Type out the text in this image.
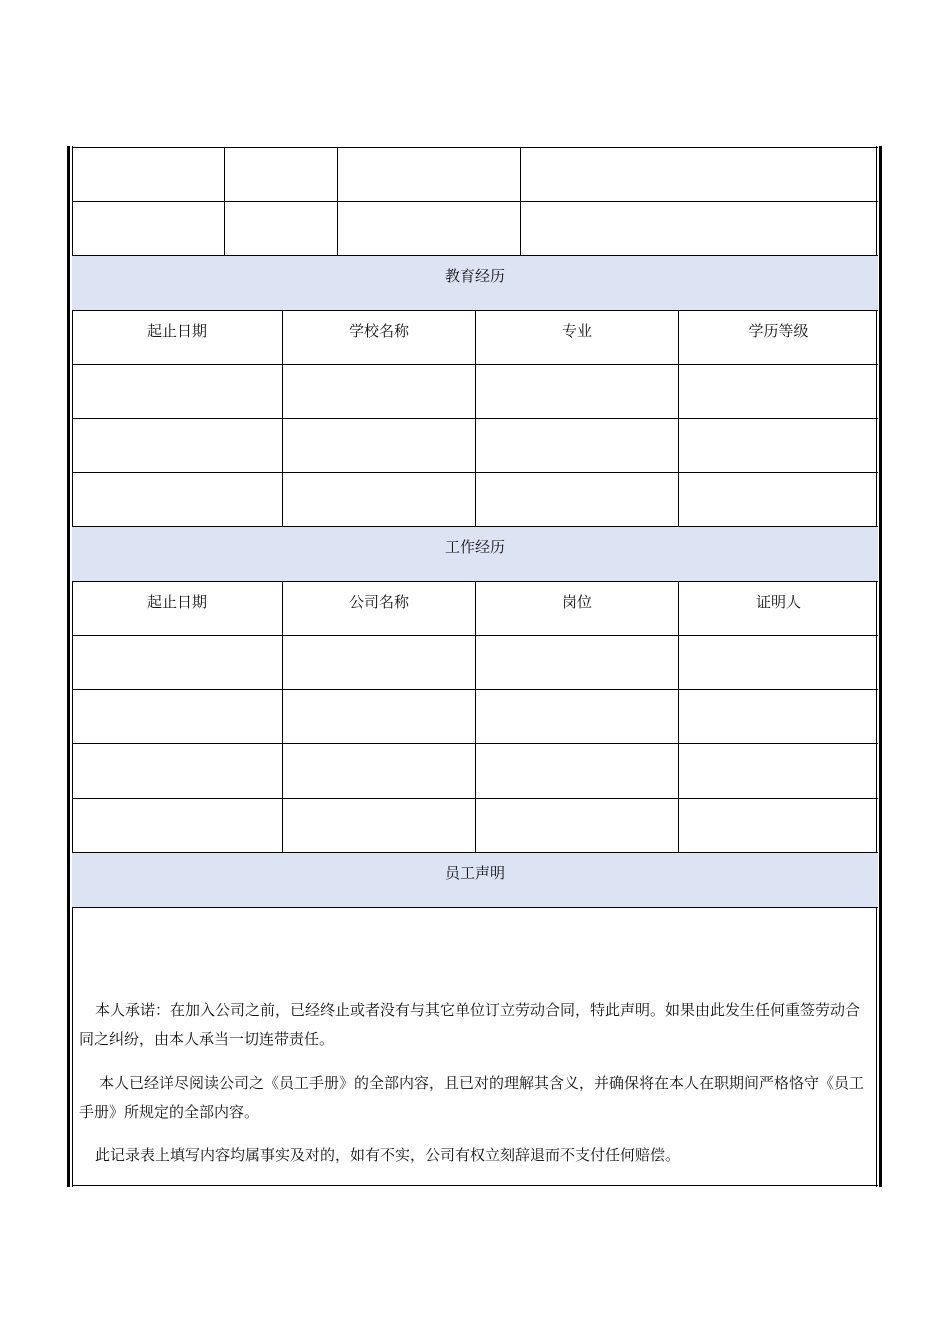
教育经历
起止日期	学校名称	专业	学历等级
工作经历
起止日期	公司名称	岗位	证明人
员工声明
本人承诺：在加入公司之前，已经终止或者没有与其它单位订立劳动合同，特此声明。如果由此发生任何重签劳动合同之纠纷，由本人承当一切连带责任。
本人已经详尽阅读公司之《员工手册》的全部内容，且已对的理解其含义，并确保将在本人在职期间严格恪守《员工手册》所规定的全部内容。
此记录表上填写内容均属事实及对的，如有不实，公司有权立刻辞退而不支付任何赔偿。
